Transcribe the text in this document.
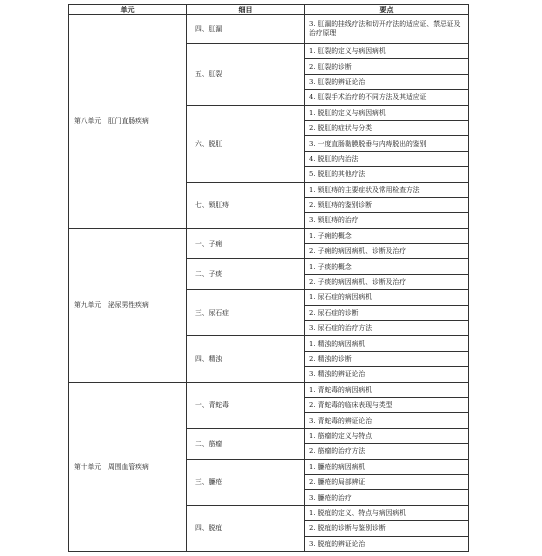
单元	细目	要点
第八单元　肛门直肠疾病	四、肛漏	3. 肛漏的挂线疗法和切开疗法的适应证、禁忌证及治疗原理
	五、肛裂	1. 肛裂的定义与病因病机
		2. 肛裂的诊断
		3. 肛裂的辨证论治
		4. 肛裂手术治疗的不同方法及其适应证
	六、脱肛	1. 脱肛的定义与病因病机
		2. 脱肛的症状与分类
		3. 一度直肠黏膜脱垂与内痔脱出的鉴别
		4. 脱肛的内治法
		5. 脱肛的其他疗法
	七、锁肛痔	1. 锁肛痔的主要症状及常用检查方法
		2. 锁肛痔的鉴别诊断
		3. 锁肛痔的治疗
第九单元　泌尿男性疾病	一、子痈	1. 子痈的概念
		2. 子痈的病因病机、诊断及治疗
	二、子痰	1. 子痰的概念
		2. 子痰的病因病机、诊断及治疗
	三、尿石症	1. 尿石症的病因病机
		2. 尿石症的诊断
		3. 尿石症的治疗方法
	四、精浊	1. 精浊的病因病机
		2. 精浊的诊断
		3. 精浊的辨证论治
第十单元　周围血管疾病	一、青蛇毒	1. 青蛇毒的病因病机
		2. 青蛇毒的临床表现与类型
		3. 青蛇毒的辨证论治
	二、筋瘤	1. 筋瘤的定义与特点
		2. 筋瘤的治疗方法
	三、臁疮	1. 臁疮的病因病机
		2. 臁疮的局部辨证
		3. 臁疮的治疗
	四、脱疽	1. 脱疽的定义、特点与病因病机
		2. 脱疽的诊断与鉴别诊断
		3. 脱疽的辨证论治
